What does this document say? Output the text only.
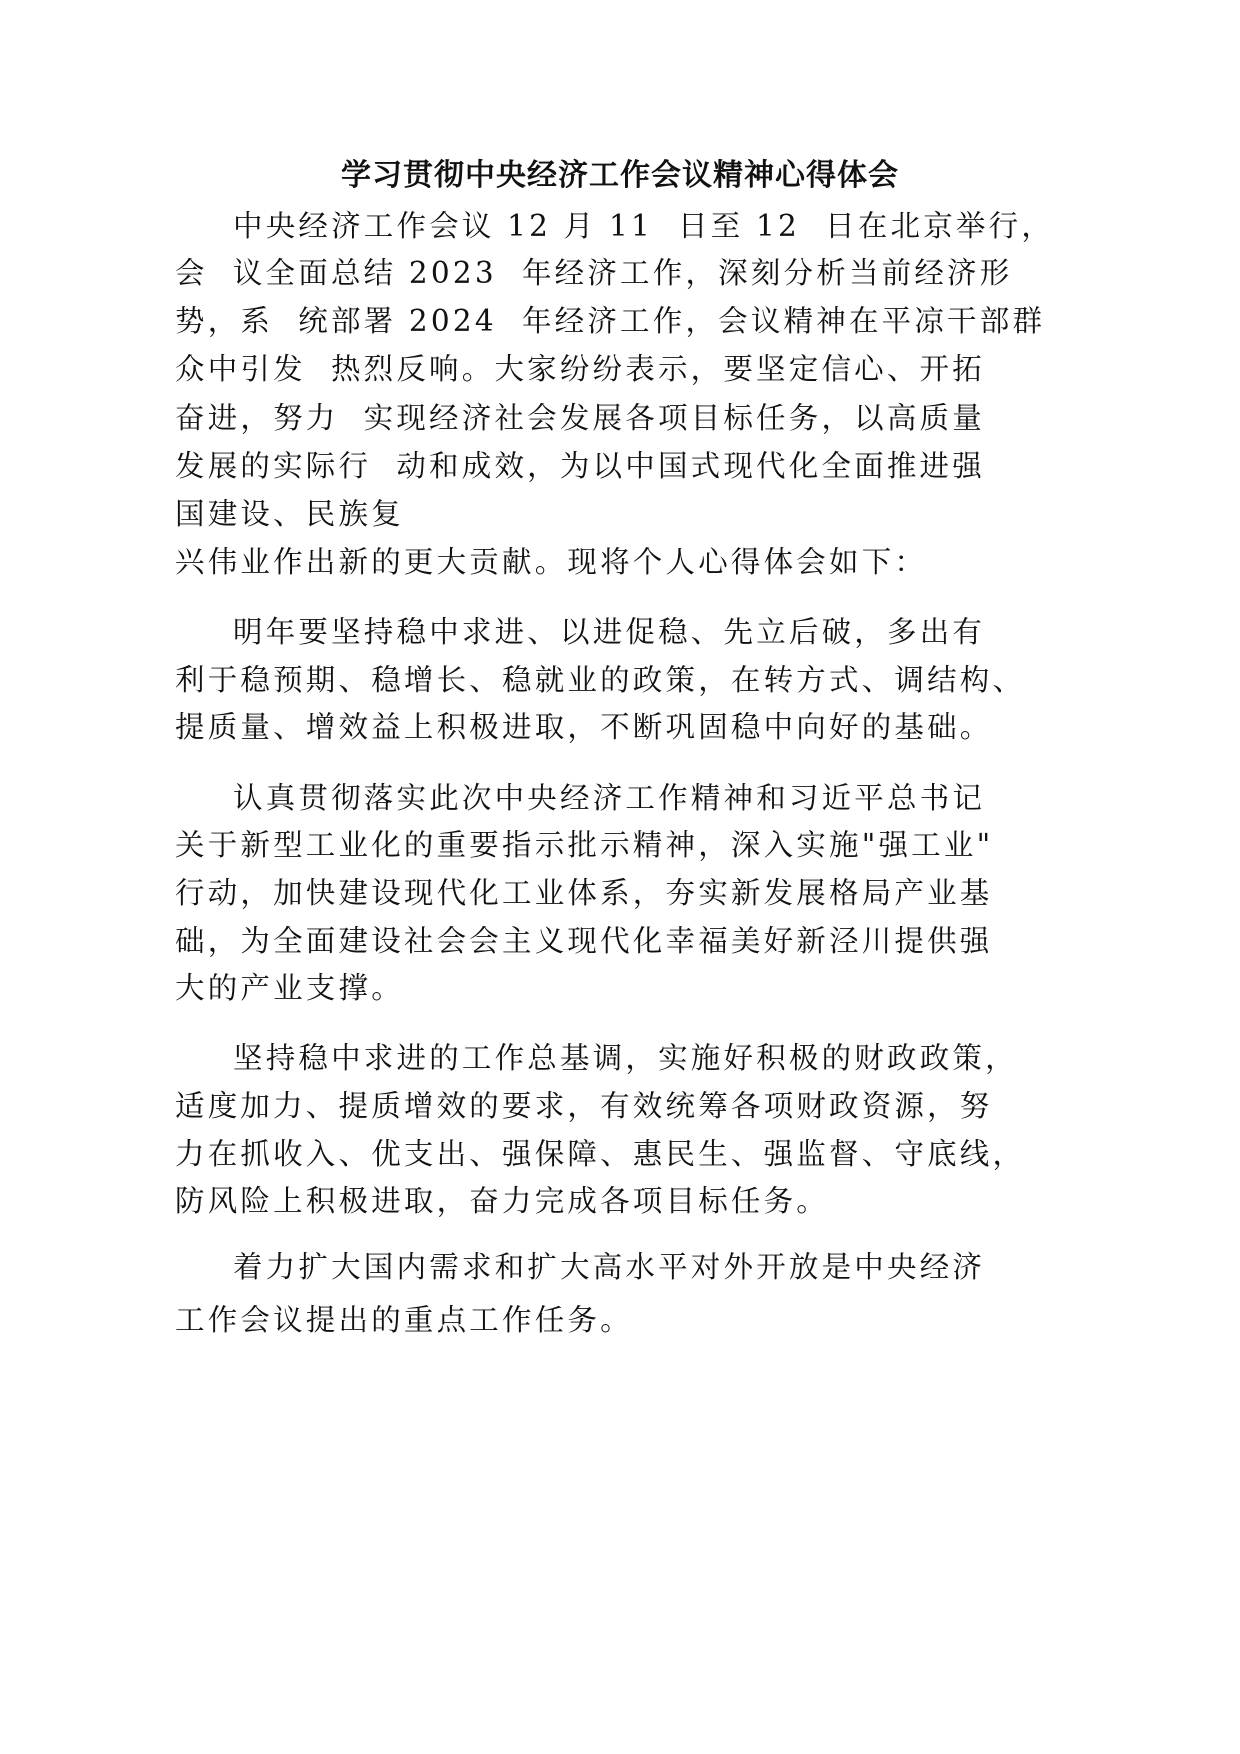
学习贯彻中央经济工作会议精神心得体会
中央经济工作会议 12 月 11  日至 12  日在北京举行，
会  议全面总结 2023  年经济工作，深刻分析当前经济形
势，系  统部署 2024  年经济工作，会议精神在平凉干部群
众中引发  热烈反响。大家纷纷表示，要坚定信心、开拓
奋进，努力  实现经济社会发展各项目标任务，以高质量
发展的实际行  动和成效，为以中国式现代化全面推进强
国建设、民族复
兴伟业作出新的更大贡献。现将个人心得体会如下：
明年要坚持稳中求进、以进促稳、先立后破，多出有
利于稳预期、稳增长、稳就业的政策，在转方式、调结构、
提质量、增效益上积极进取，不断巩固稳中向好的基础。
认真贯彻落实此次中央经济工作精神和习近平总书记
关于新型工业化的重要指示批示精神，深入实施"强工业"
行动，加快建设现代化工业体系，夯实新发展格局产业基
础，为全面建设社会会主义现代化幸福美好新泾川提供强
大的产业支撑。
坚持稳中求进的工作总基调，实施好积极的财政政策，
适度加力、提质增效的要求，有效统筹各项财政资源，努
力在抓收入、优支出、强保障、惠民生、强监督、守底线，
防风险上积极进取，奋力完成各项目标任务。
着力扩大国内需求和扩大高水平对外开放是中央经济
工作会议提出的重点工作任务。
